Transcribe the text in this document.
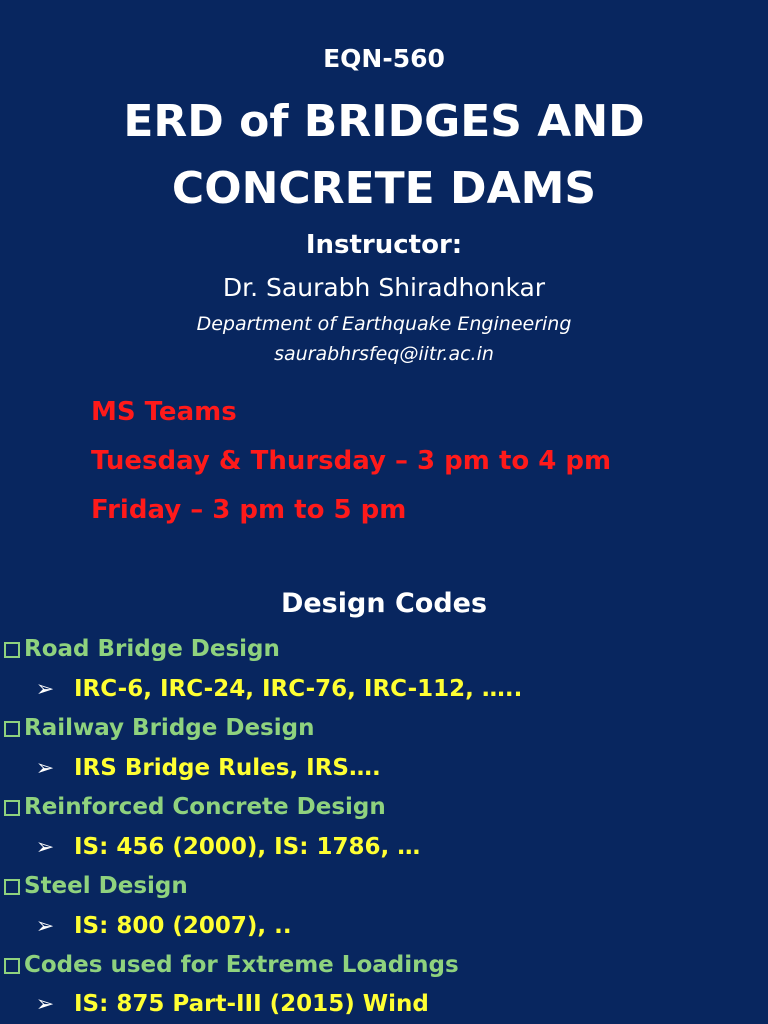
EQN-560
ERD of BRIDGES AND
CONCRETE DAMS
Instructor:
Dr. Saurabh Shiradhonkar
Department of Earthquake Engineering
saurabhrsfeq@iitr.ac.in
MS Teams
Tuesday & Thursday – 3 pm to 4 pm
Friday – 3 pm to 5 pm
Design Codes
Road Bridge Design
➢ IRC-6, IRC-24, IRC-76, IRC-112, …..
Railway Bridge Design
➢ IRS Bridge Rules, IRS….
Reinforced Concrete Design
➢ IS: 456 (2000), IS: 1786, …
Steel Design
➢ IS: 800 (2007), ..
Codes used for Extreme Loadings
➢ IS: 875 Part-III (2015) Wind
